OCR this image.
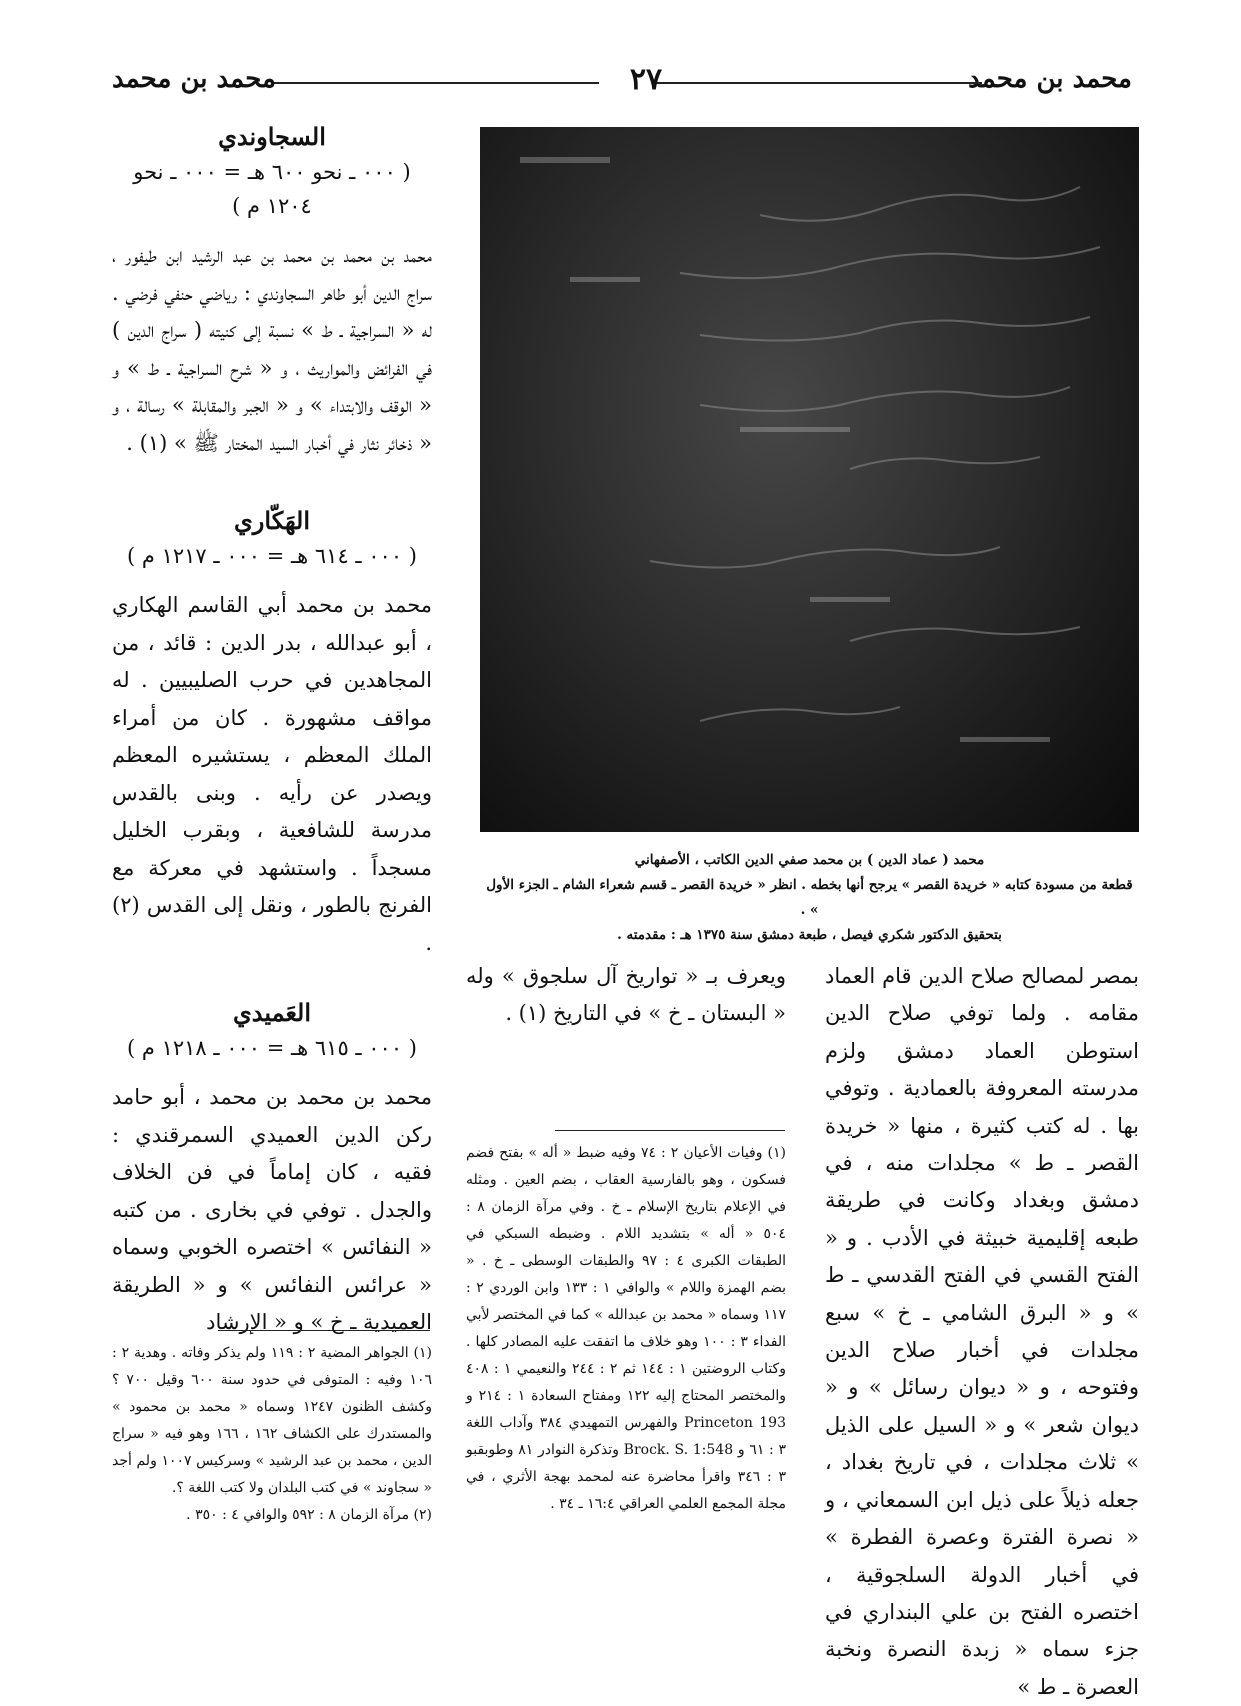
محمد بن محمد
٢٧
محمد بن محمد
السجاوندي

( ٠٠٠ ـ نحو ٦٠٠ هـ = ٠٠٠ ـ نحو ١٢٠٤ م )

محمد بن محمد بن محمد بن عبد الرشيد ابن طيفور ، سراج الدين أبو طاهر السجاوندي : رياضي حنفي فرضي . له « السراجية ـ ط » نسبة إلى كنيته ( سراج الدين ) في الفرائض والمواريث ، و « شرح السراجية ـ ط » و « الوقف والابتداء » و « الجبر والمقابلة » رسالة ، و « ذخائر نثار في أخبار السيد المختار ﷺ » (١) .

الهَكّاري

( ٠٠٠ ـ ٦١٤ هـ = ٠٠٠ ـ ١٢١٧ م )

محمد بن محمد أبي القاسم الهكاري ، أبو عبدالله ، بدر الدين : قائد ، من المجاهدين في حرب الصليبيين . له مواقف مشهورة . كان من أمراء الملك المعظم ، يستشيره المعظم ويصدر عن رأيه . وبنى بالقدس مدرسة للشافعية ، وبقرب الخليل مسجداً . واستشهد في معركة مع الفرنج بالطور ، ونقل إلى القدس (٢) .

العَميدي

( ٠٠٠ ـ ٦١٥ هـ = ٠٠٠ ـ ١٢١٨ م )

محمد بن محمد بن محمد ، أبو حامد ركن الدين العميدي السمرقندي : فقيه ، كان إماماً في فن الخلاف والجدل . توفي في بخارى . من كتبه « النفائس » اختصره الخوبي وسماه « عرائس النفائس » و « الطريقة العميدية ـ خ » و « الإرشاد

(١) الجواهر المضية ٢ : ١١٩ ولم يذكر وفاته . وهدية ٢ : ١٠٦ وفيه : المتوفى في حدود سنة ٦٠٠ وقيل ٧٠٠ ؟ وكشف الظنون ١٢٤٧ وسماه « محمد بن محمود » والمستدرك على الكشاف ١٦٢ ، ١٦٦ وهو فيه « سراج الدين ، محمد بن عبد الرشيد » وسركيس ١٠٠٧ ولم أجد « سجاوند » في كتب البلدان ولا كتب اللغة ؟.
(٢) مرآة الزمان ٨ : ٥٩٢ والوافي ٤ : ٣٥٠ .
محمد ( عماد الدين ) بن محمد صفي الدين الكاتب ، الأصفهاني
قطعة من مسودة كتابه « خريدة القصر » يرجح أنها بخطه . انظر « خريدة القصر ـ قسم شعراء الشام ـ الجزء الأول » .
بتحقيق الدكتور شكري فيصل ، طبعة دمشق سنة ١٣٧٥ هـ : مقدمته .
بمصر لمصالح صلاح الدين قام العماد مقامه . ولما توفي صلاح الدين استوطن العماد دمشق ولزم مدرسته المعروفة بالعمادية . وتوفي بها . له كتب كثيرة ، منها « خريدة القصر ـ ط » مجلدات منه ، في دمشق وبغداد وكانت في طريقة طبعه إقليمية خبيثة في الأدب . و « الفتح القسي في الفتح القدسي ـ ط » و « البرق الشامي ـ خ » سبع مجلدات في أخبار صلاح الدين وفتوحه ، و « ديوان رسائل » و « ديوان شعر » و « السيل على الذيل » ثلاث مجلدات ، في تاريخ بغداد ، جعله ذيلاً على ذيل ابن السمعاني ، و « نصرة الفترة وعصرة الفطرة » في أخبار الدولة السلجوقية ، اختصره الفتح بن علي البنداري في جزء سماه « زبدة النصرة ونخبة العصرة ـ ط »
ويعرف بـ « تواريخ آل سلجوق » وله « البستان ـ خ » في التاريخ (١) .
(١) وفيات الأعيان ٢ : ٧٤ وفيه ضبط « أله » بفتح فضم فسكون ، وهو بالفارسية العقاب ، بضم العين . ومثله في الإعلام بتاريخ الإسلام ـ خ . وفي مرآة الزمان ٨ : ٥٠٤ « أله » بتشديد اللام . وضبطه السبكي في الطبقات الكبرى ٤ : ٩٧ والطبقات الوسطى ـ خ . « بضم الهمزة واللام » والوافي ١ : ١٣٣ وابن الوردي ٢ : ١١٧ وسماه « محمد بن عبدالله » كما في المختصر لأبي الفداء ٣ : ١٠٠ وهو خلاف ما اتفقت عليه المصادر كلها . وكتاب الروضتين ١ : ١٤٤ ثم ٢ : ٢٤٤ والنعيمي ١ : ٤٠٨ والمختصر المحتاج إليه ١٢٢ ومفتاح السعادة ١ : ٢١٤ و Princeton 193 والفهرس التمهيدي ٣٨٤ وآداب اللغة ٣ : ٦١ و Brock. S. 1:548 وتذكرة النوادر ٨١ وطوبقبو ٣ : ٣٤٦ واقرأ محاضرة عنه لمحمد بهجة الأثري ، في مجلة المجمع العلمي العراقي ١٦:٤ ـ ٣٤ .
